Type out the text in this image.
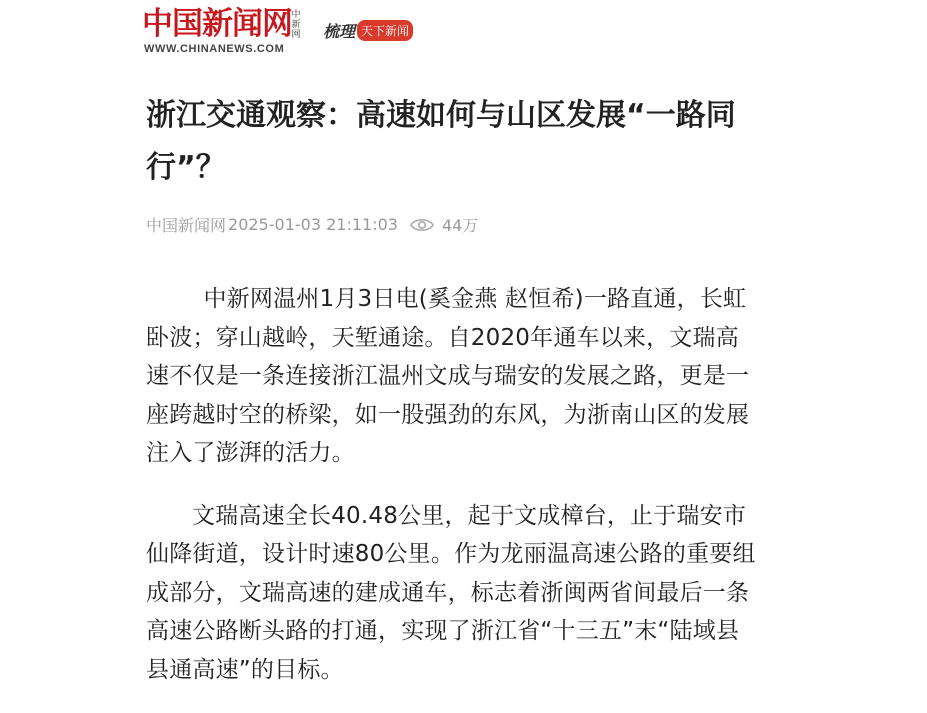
中国新闻网 中新网
WWW.CHINANEWS.COM
梳理 天下新闻
浙江交通观察：高速如何与山区发展“一路同行”？
中国新闻网 2025-01-03 21:11:03	44万

中新网温州1月3日电(奚金燕 赵恒希)一路直通，长虹卧波；穿山越岭，天堑通途。自2020年通车以来，文瑞高速不仅是一条连接浙江温州文成与瑞安的发展之路，更是一座跨越时空的桥梁，如一股强劲的东风，为浙南山区的发展注入了澎湃的活力。

文瑞高速全长40.48公里，起于文成樟台，止于瑞安市仙降街道，设计时速80公里。作为龙丽温高速公路的重要组成部分，文瑞高速的建成通车，标志着浙闽两省间最后一条高速公路断头路的打通，实现了浙江省“十三五”末“陆域县县通高速”的目标。
